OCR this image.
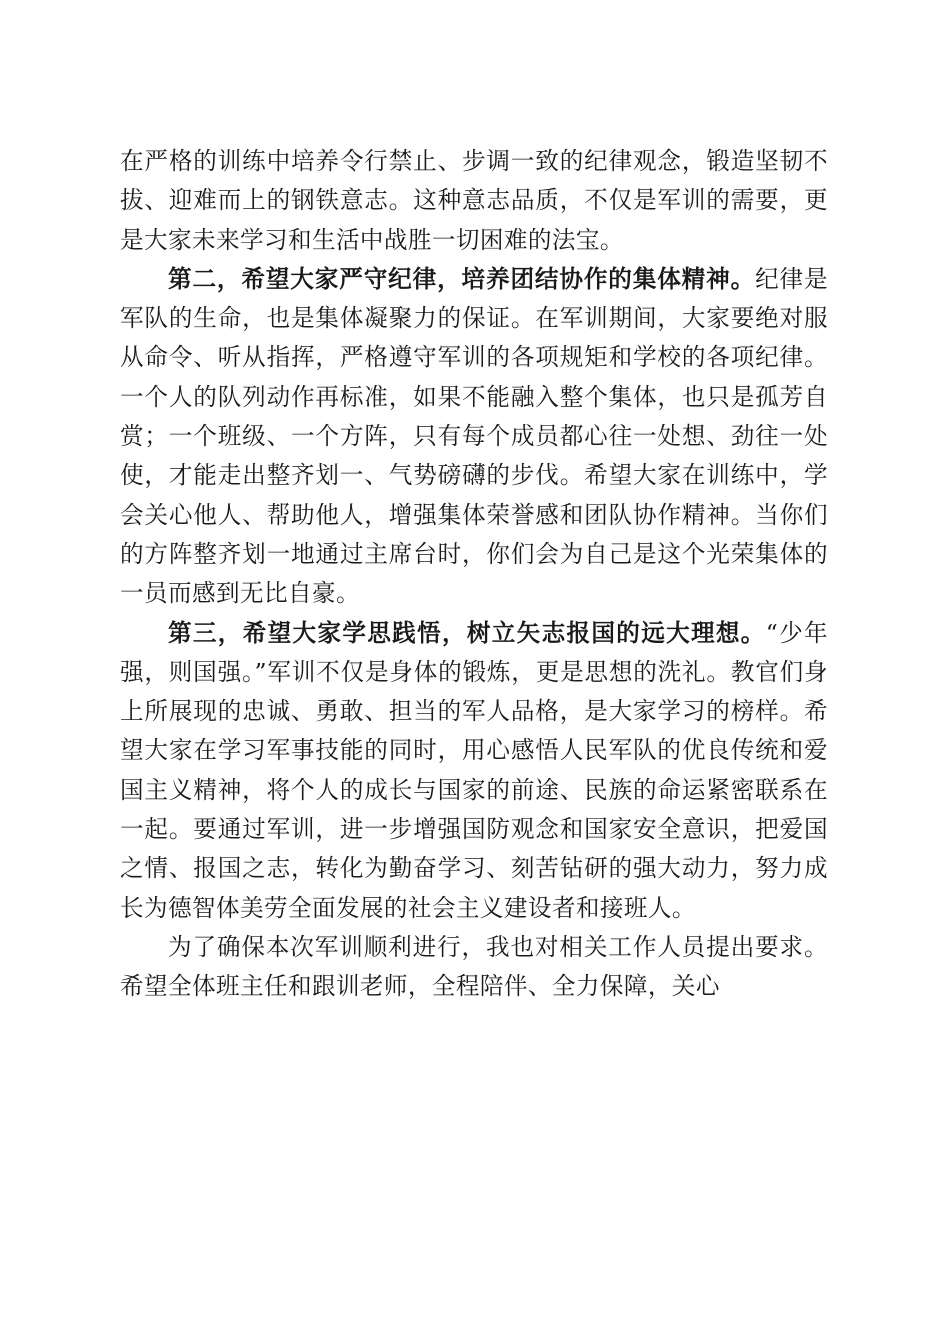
在严格的训练中培养令行禁止、步调一致的纪律观念，锻造坚韧不拔、迎难而上的钢铁意志。这种意志品质，不仅是军训的需要，更是大家未来学习和生活中战胜一切困难的法宝。

第二，希望大家严守纪律，培养团结协作的集体精神。纪律是军队的生命，也是集体凝聚力的保证。在军训期间，大家要绝对服从命令、听从指挥，严格遵守军训的各项规矩和学校的各项纪律。一个人的队列动作再标准，如果不能融入整个集体，也只是孤芳自赏；一个班级、一个方阵，只有每个成员都心往一处想、劲往一处使，才能走出整齐划一、气势磅礴的步伐。希望大家在训练中，学会关心他人、帮助他人，增强集体荣誉感和团队协作精神。当你们的方阵整齐划一地通过主席台时，你们会为自己是这个光荣集体的一员而感到无比自豪。

第三，希望大家学思践悟，树立矢志报国的远大理想。“少年强，则国强。”军训不仅是身体的锻炼，更是思想的洗礼。教官们身上所展现的忠诚、勇敢、担当的军人品格，是大家学习的榜样。希望大家在学习军事技能的同时，用心感悟人民军队的优良传统和爱国主义精神，将个人的成长与国家的前途、民族的命运紧密联系在一起。要通过军训，进一步增强国防观念和国家安全意识，把爱国之情、报国之志，转化为勤奋学习、刻苦钻研的强大动力，努力成长为德智体美劳全面发展的社会主义建设者和接班人。

为了确保本次军训顺利进行，我也对相关工作人员提出要求。希望全体班主任和跟训老师，全程陪伴、全力保障，关心
